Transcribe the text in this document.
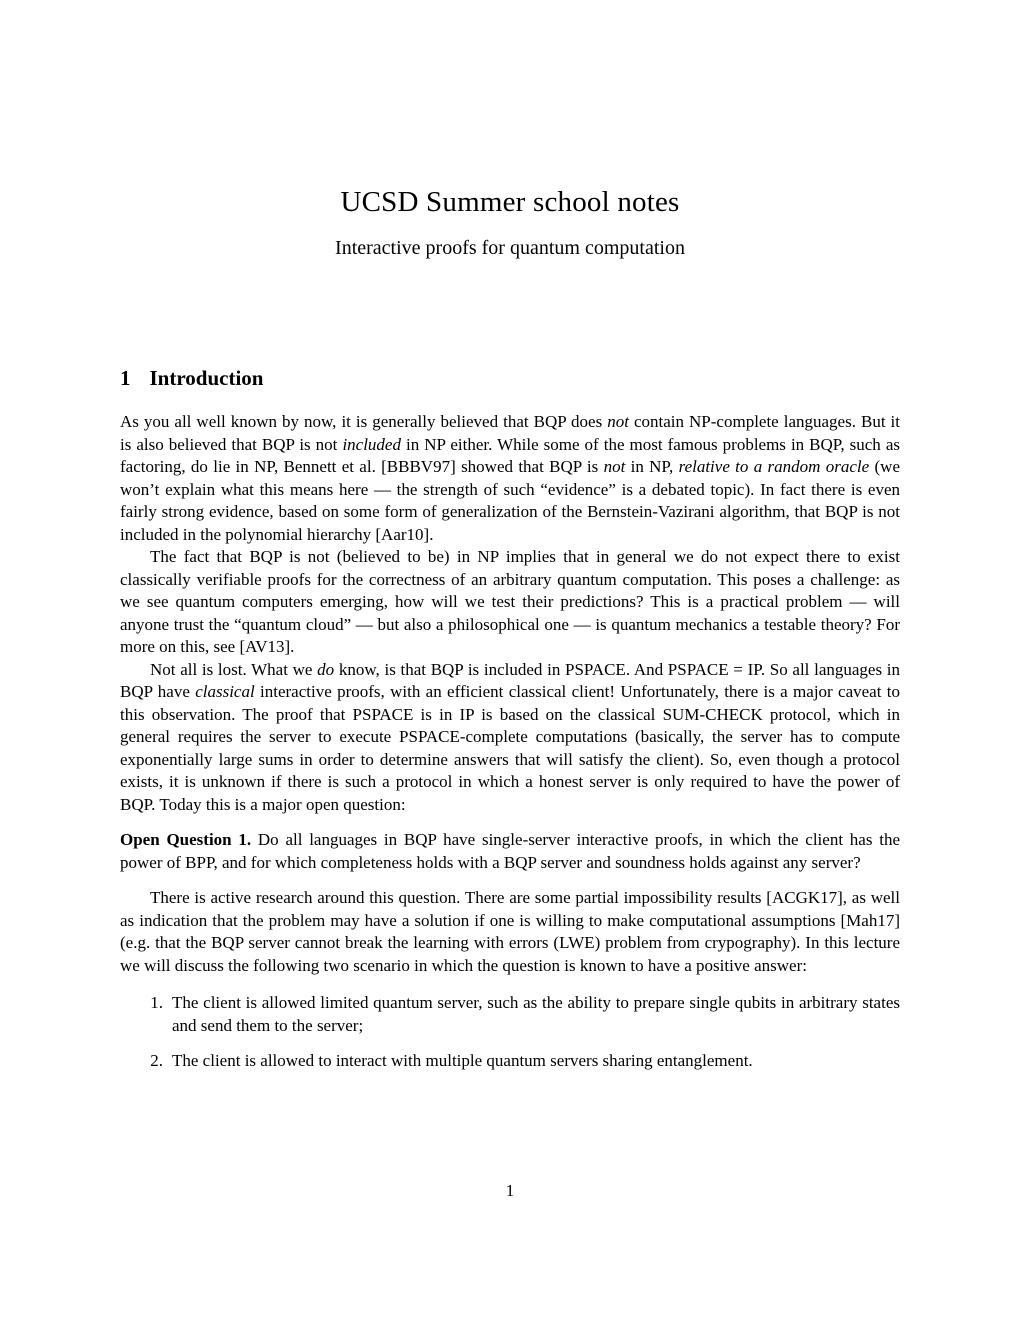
UCSD Summer school notes
Interactive proofs for quantum computation
1 Introduction

As you all well known by now, it is generally believed that BQP does not contain NP-complete languages. But it is also believed that BQP is not included in NP either. While some of the most famous problems in BQP, such as factoring, do lie in NP, Bennett et al. [BBBV97] showed that BQP is not in NP, relative to a random oracle (we won’t explain what this means here — the strength of such “evidence” is a debated topic). In fact there is even fairly strong evidence, based on some form of generalization of the Bernstein-Vazirani algorithm, that BQP is not included in the polynomial hierarchy [Aar10].

The fact that BQP is not (believed to be) in NP implies that in general we do not expect there to exist classically verifiable proofs for the correctness of an arbitrary quantum computation. This poses a challenge: as we see quantum computers emerging, how will we test their predictions? This is a practical problem — will anyone trust the “quantum cloud” — but also a philosophical one — is quantum mechanics a testable theory? For more on this, see [AV13].

Not all is lost. What we do know, is that BQP is included in PSPACE. And PSPACE = IP. So all languages in BQP have classical interactive proofs, with an efficient classical client! Unfortunately, there is a major caveat to this observation. The proof that PSPACE is in IP is based on the classical SUM-CHECK protocol, which in general requires the server to execute PSPACE-complete computations (basically, the server has to compute exponentially large sums in order to determine answers that will satisfy the client). So, even though a protocol exists, it is unknown if there is such a protocol in which a honest server is only required to have the power of BQP. Today this is a major open question:

Open Question 1. Do all languages in BQP have single-server interactive proofs, in which the client has the power of BPP, and for which completeness holds with a BQP server and soundness holds against any server?

There is active research around this question. There are some partial impossibility results [ACGK17], as well as indication that the problem may have a solution if one is willing to make computational assumptions [Mah17] (e.g. that the BQP server cannot break the learning with errors (LWE) problem from crypography). In this lecture we will discuss the following two scenario in which the question is known to have a positive answer:

1. The client is allowed limited quantum server, such as the ability to prepare single qubits in arbitrary states and send them to the server;
2. The client is allowed to interact with multiple quantum servers sharing entanglement.
1
